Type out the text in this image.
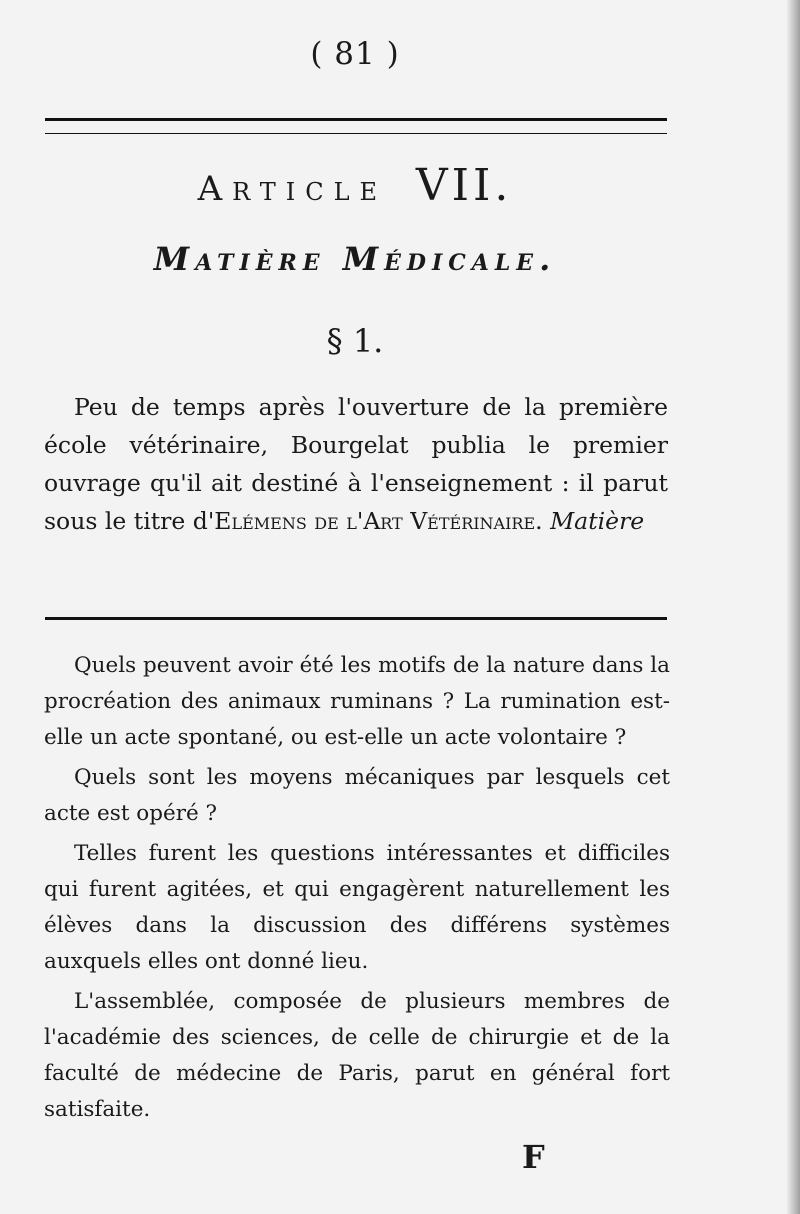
( 81 )
Article VII.
Matière Médicale.
§ 1.
Peu de temps après l'ouverture de la première école vétérinaire, Bourgelat publia le premier ouvrage qu'il ait destiné à l'enseignement : il parut sous le titre d'Elémens de l'Art Vétérinaire. Matière

Quels peuvent avoir été les motifs de la nature dans la procréation des animaux ruminans ? La rumination est-elle un acte spontané, ou est-elle un acte volontaire ?

Quels sont les moyens mécaniques par lesquels cet acte est opéré ?

Telles furent les questions intéressantes et difficiles qui furent agitées, et qui engagèrent naturellement les élèves dans la discussion des différens systèmes auxquels elles ont donné lieu.

L'assemblée, composée de plusieurs membres de l'académie des sciences, de celle de chirurgie et de la faculté de médecine de Paris, parut en général fort satisfaite.

F
